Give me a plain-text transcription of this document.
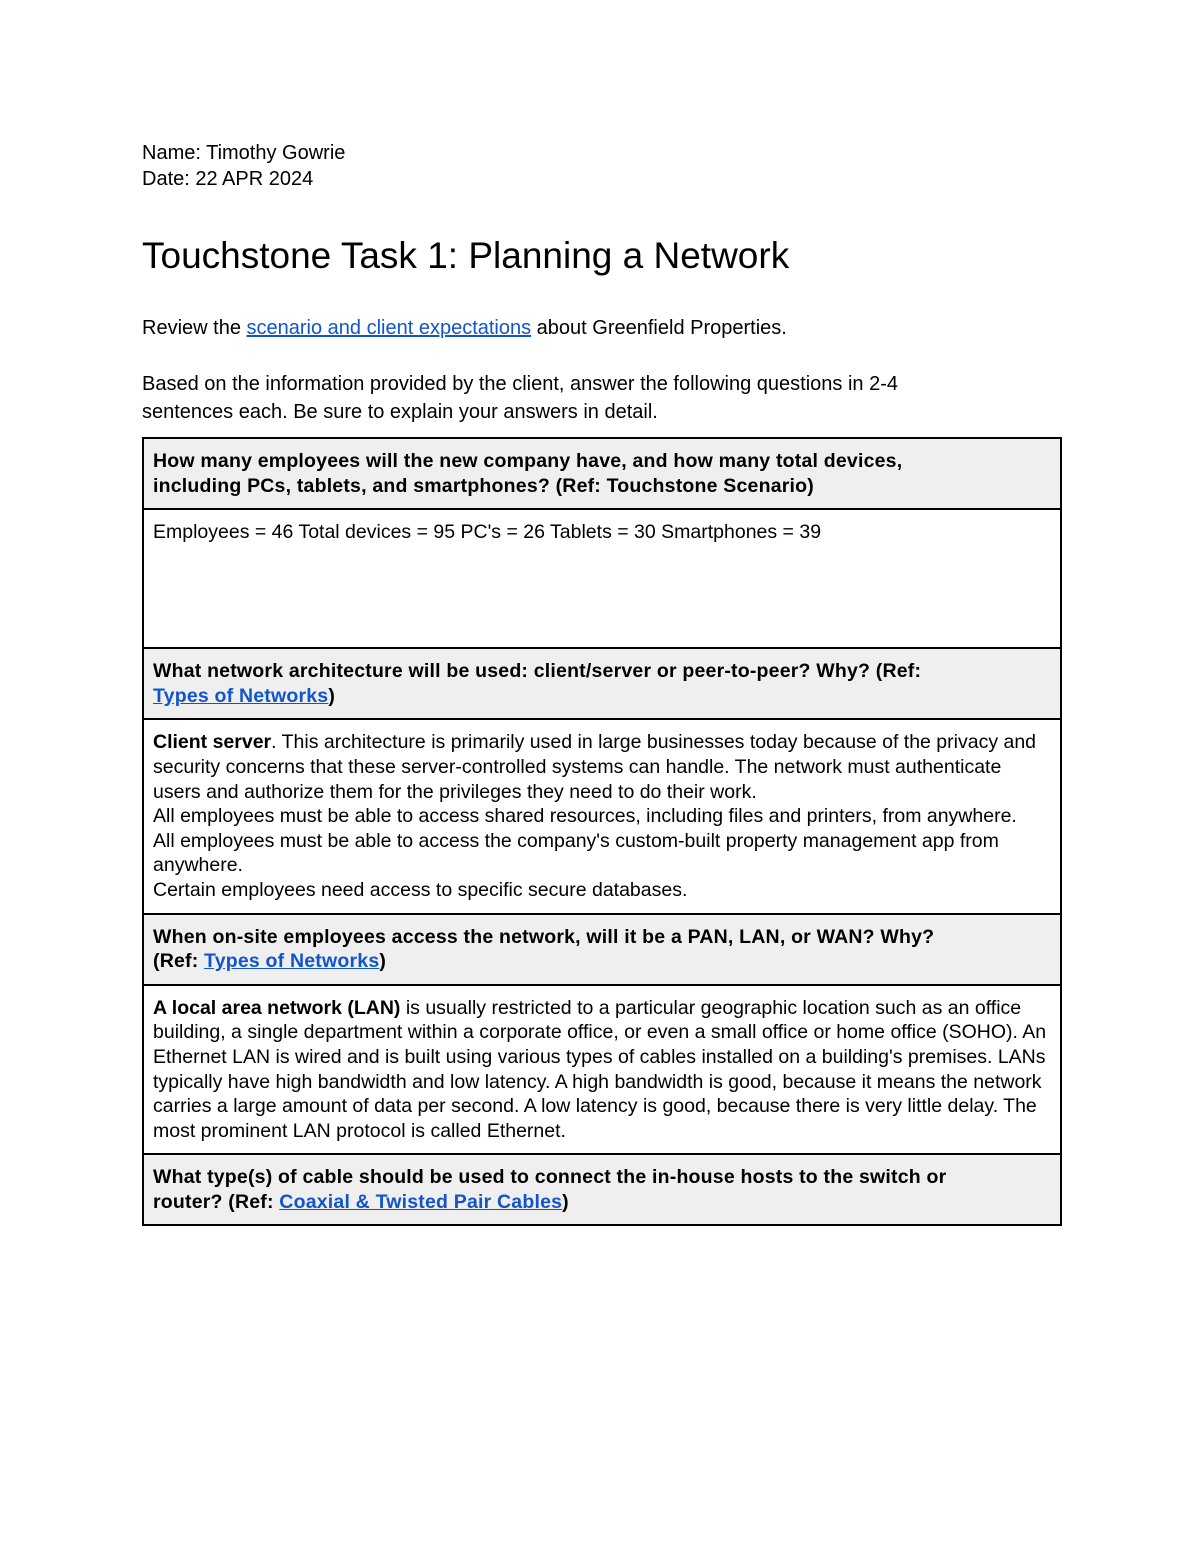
Name: Timothy Gowrie

Date: 22 APR 2024

Touchstone Task 1: Planning a Network

Review the scenario and client expectations about Greenfield Properties.

Based on the information provided by the client, answer the following questions in 2-4
sentences each. Be sure to explain your answers in detail.

How many employees will the new company have, and how many total devices,
including PCs, tablets, and smartphones? (Ref: Touchstone Scenario)
Employees = 46 Total devices = 95 PC's = 26 Tablets = 30 Smartphones = 39
What network architecture will be used: client/server or peer-to-peer? Why? (Ref:
Types of Networks)
Client server. This architecture is primarily used in large businesses today because of the privacy and security concerns that these server-controlled systems can handle. The network must authenticate users and authorize them for the privileges they need to do their work.
All employees must be able to access shared resources, including files and printers, from anywhere.
All employees must be able to access the company's custom-built property management app from anywhere.
Certain employees need access to specific secure databases.
When on-site employees access the network, will it be a PAN, LAN, or WAN? Why?
(Ref: Types of Networks)
A local area network (LAN) is usually restricted to a particular geographic location such as an office building, a single department within a corporate office, or even a small office or home office (SOHO). An Ethernet LAN is wired and is built using various types of cables installed on a building's premises. LANs typically have high bandwidth and low latency. A high bandwidth is good, because it means the network carries a large amount of data per second. A low latency is good, because there is very little delay. The most prominent LAN protocol is called Ethernet.
What type(s) of cable should be used to connect the in-house hosts to the switch or
router? (Ref: Coaxial & Twisted Pair Cables)
